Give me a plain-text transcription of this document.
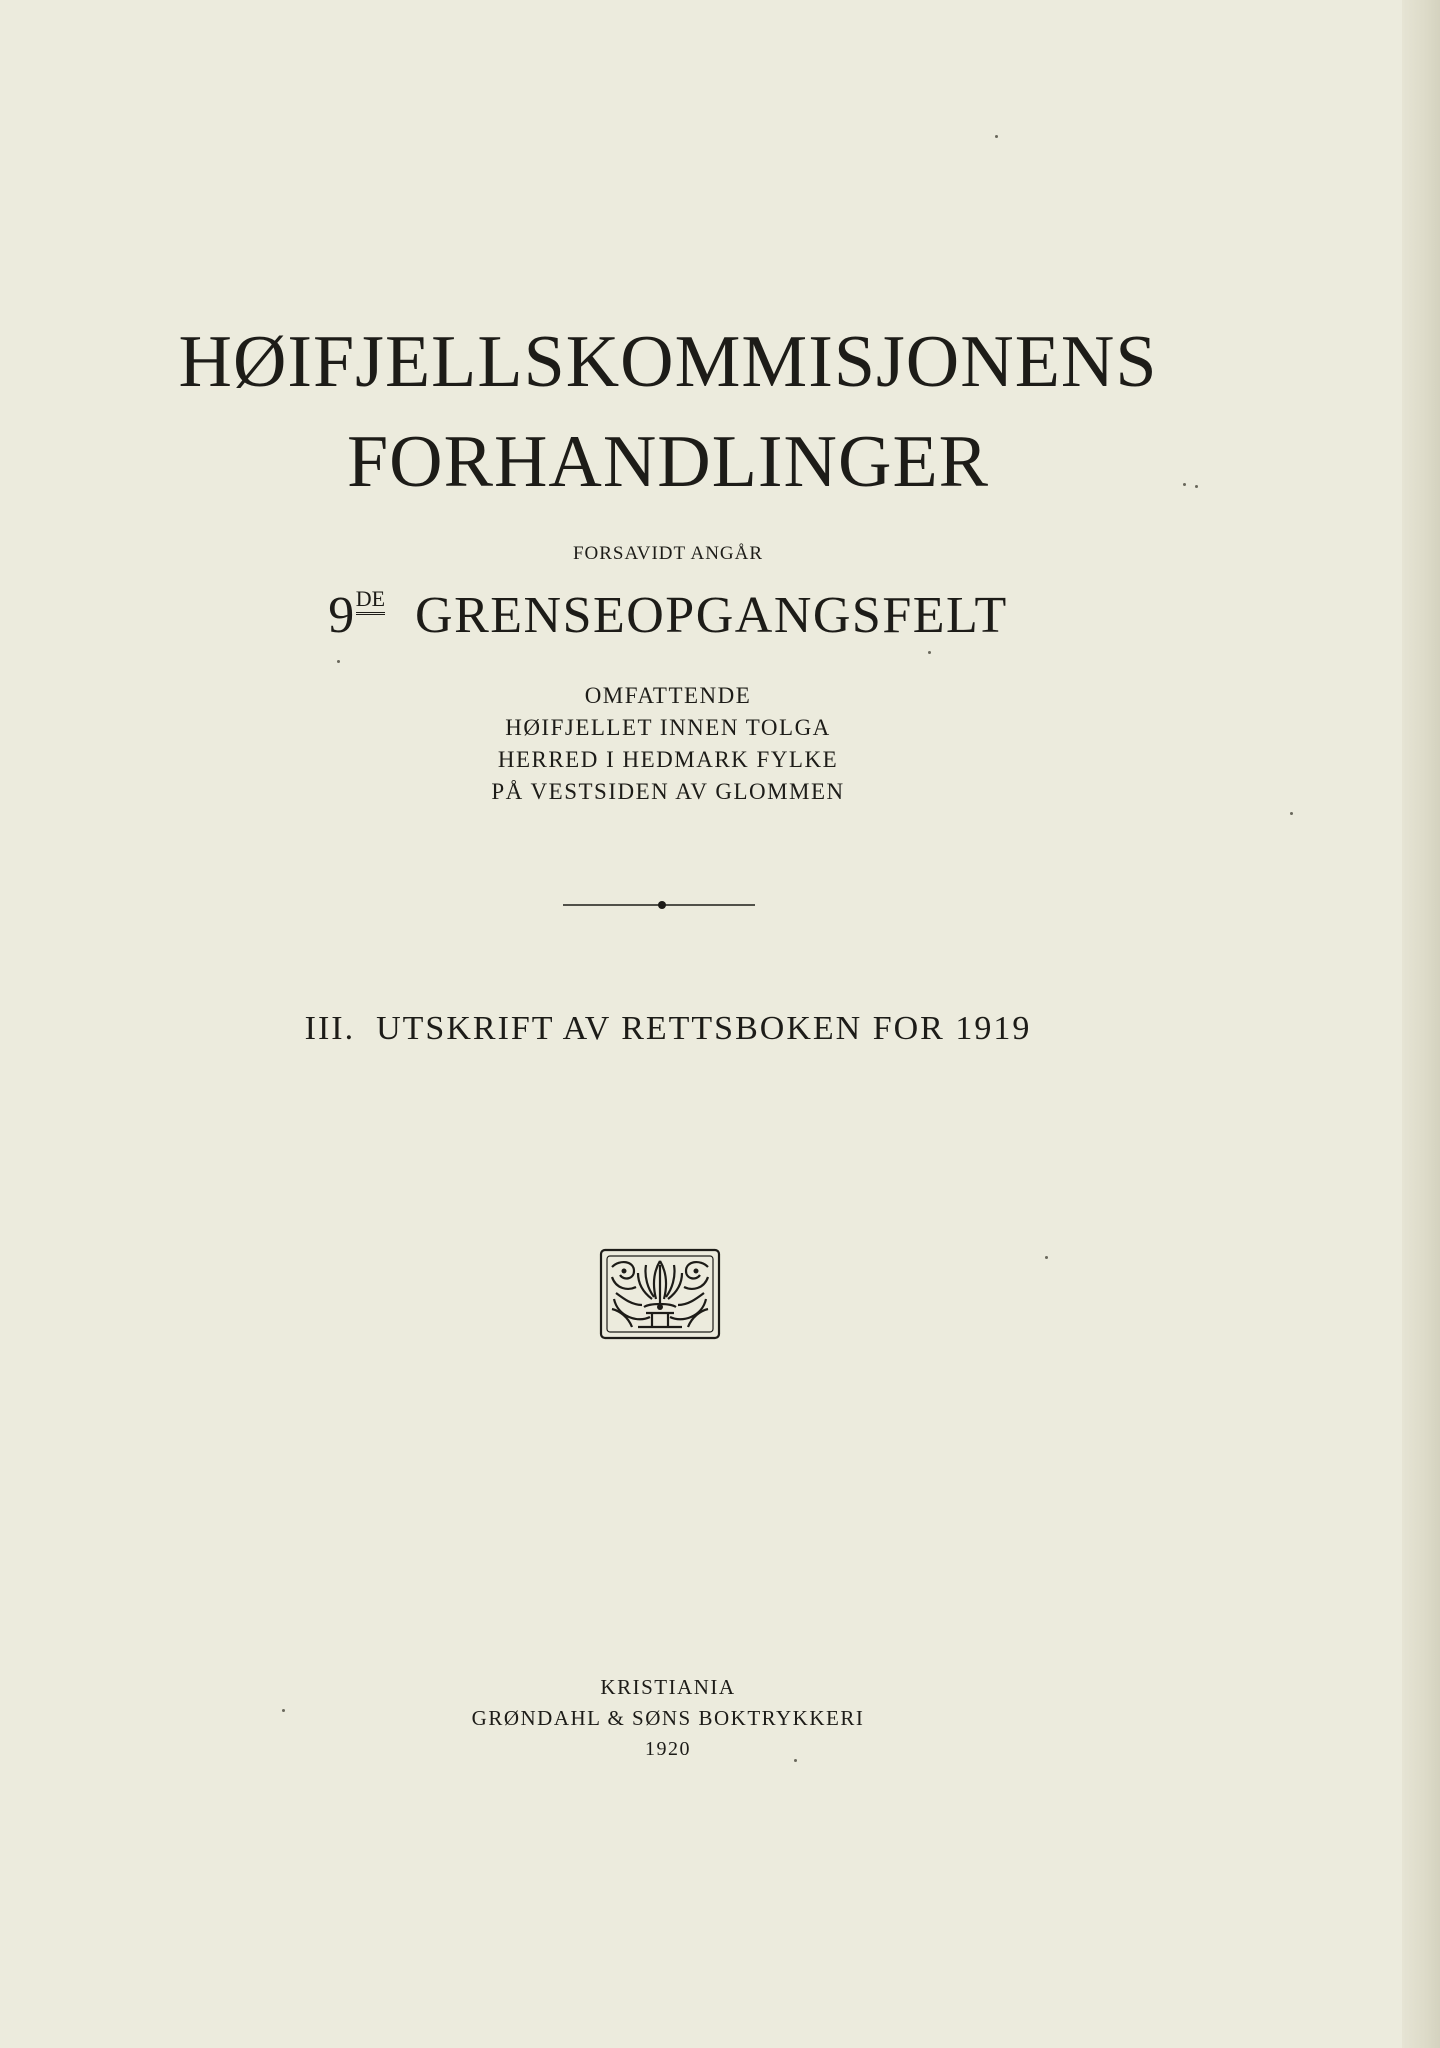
HØIFJELLSKOMMISJONENS
FORHANDLINGER
FORSAVIDT ANGÅR
9DE GRENSEOPGANGSFELT
OMFATTENDE
HØIFJELLET INNEN TOLGA
HERRED I HEDMARK FYLKE
PÅ VESTSIDEN AV GLOMMEN
III. UTSKRIFT AV RETTSBOKEN FOR 1919
KRISTIANIA
GRØNDAHL & SØNS BOKTRYKKERI
1920
